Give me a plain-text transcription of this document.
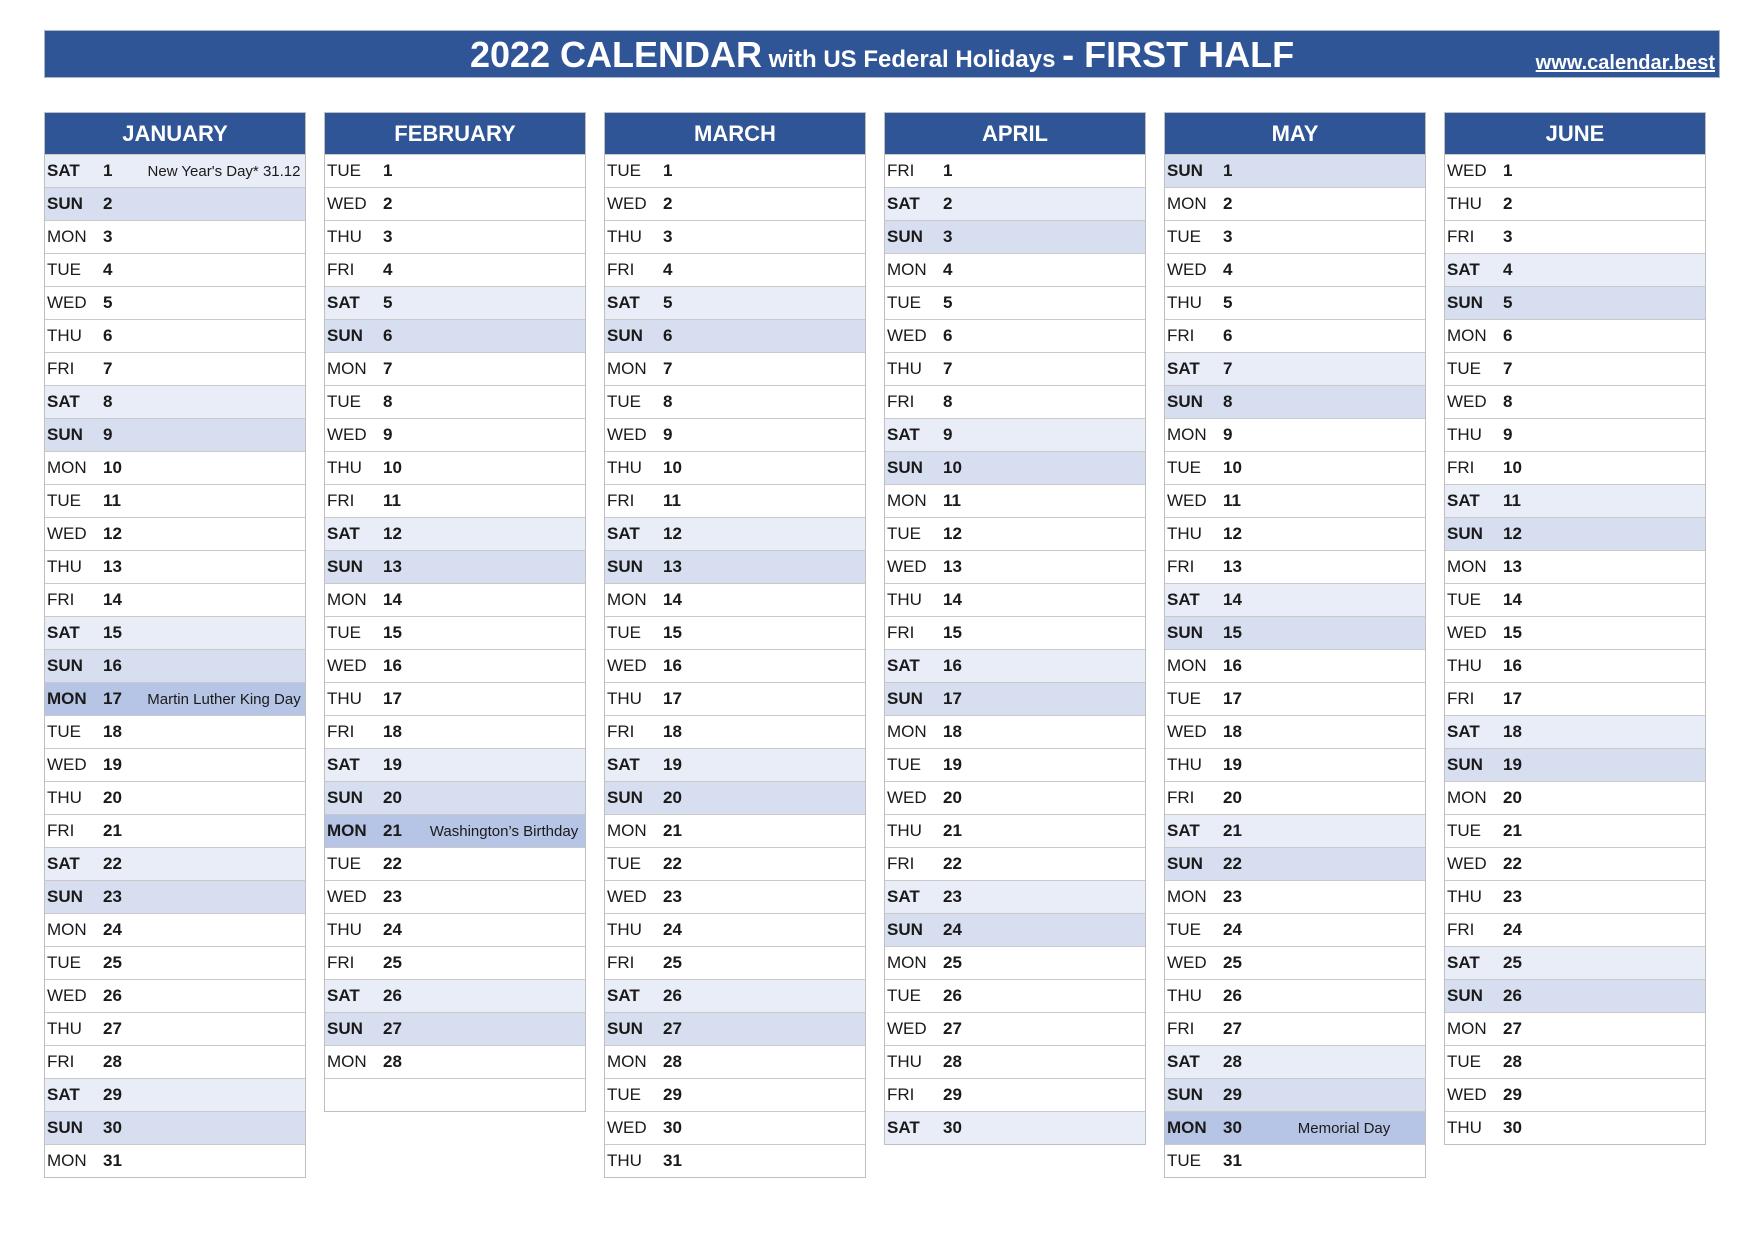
2022 CALENDAR with US Federal Holidays - FIRST HALF	www.calendar.best
JANUARY
SAT	1	New Year's Day* 31.12
SUN	2
MON 3
TUE	4
WED 5
THU	6
FRI	7
SAT	8
SUN	9
MON 10
TUE	11
WED 12
THU	13
FRI	14
SAT	15
SUN	16
MON 17	Martin Luther King Day
TUE	18
WED 19
THU	20
FRI	21
SAT	22
SUN	23
MON 24
TUE	25
WED 26
THU	27
FRI	28
SAT	29
SUN	30
MON 31
FEBRUARY
TUE	1
WED 2
THU	3
FRI	4
SAT	5
SUN	6
MON 7
TUE	8
WED 9
THU	10
FRI	11
SAT	12
SUN	13
MON 14
TUE	15
WED 16
THU	17
FRI	18
SAT	19
SUN	20
MON 21	Washington’s Birthday
TUE	22
WED 23
THU	24
FRI	25
SAT	26
SUN	27
MON 28
MARCH
TUE	1
WED 2
THU	3
FRI	4
SAT	5
SUN	6
MON 7
TUE	8
WED 9
THU	10
FRI	11
SAT	12
SUN	13
MON 14
TUE	15
WED 16
THU	17
FRI	18
SAT	19
SUN	20
MON 21
TUE	22
WED 23
THU	24
FRI	25
SAT	26
SUN	27
MON 28
TUE	29
WED 30
THU	31
APRIL
FRI	1
SAT	2
SUN	3
MON 4
TUE	5
WED 6
THU	7
FRI	8
SAT	9
SUN	10
MON 11
TUE	12
WED 13
THU	14
FRI	15
SAT	16
SUN	17
MON 18
TUE	19
WED 20
THU	21
FRI	22
SAT	23
SUN	24
MON 25
TUE	26
WED 27
THU	28
FRI	29
SAT	30
MAY
SUN	1
MON 2
TUE	3
WED 4
THU	5
FRI	6
SAT	7
SUN	8
MON 9
TUE	10
WED 11
THU	12
FRI	13
SAT	14
SUN	15
MON 16
TUE	17
WED 18
THU	19
FRI	20
SAT	21
SUN	22
MON 23
TUE	24
WED 25
THU	26
FRI	27
SAT	28
SUN	29
MON 30	Memorial Day
TUE	31
JUNE
WED 1
THU	2
FRI	3
SAT	4
SUN	5
MON 6
TUE	7
WED 8
THU	9
FRI	10
SAT	11
SUN	12
MON 13
TUE	14
WED 15
THU	16
FRI	17
SAT	18
SUN	19
MON 20
TUE	21
WED 22
THU	23
FRI	24
SAT	25
SUN	26
MON 27
TUE	28
WED 29
THU	30
